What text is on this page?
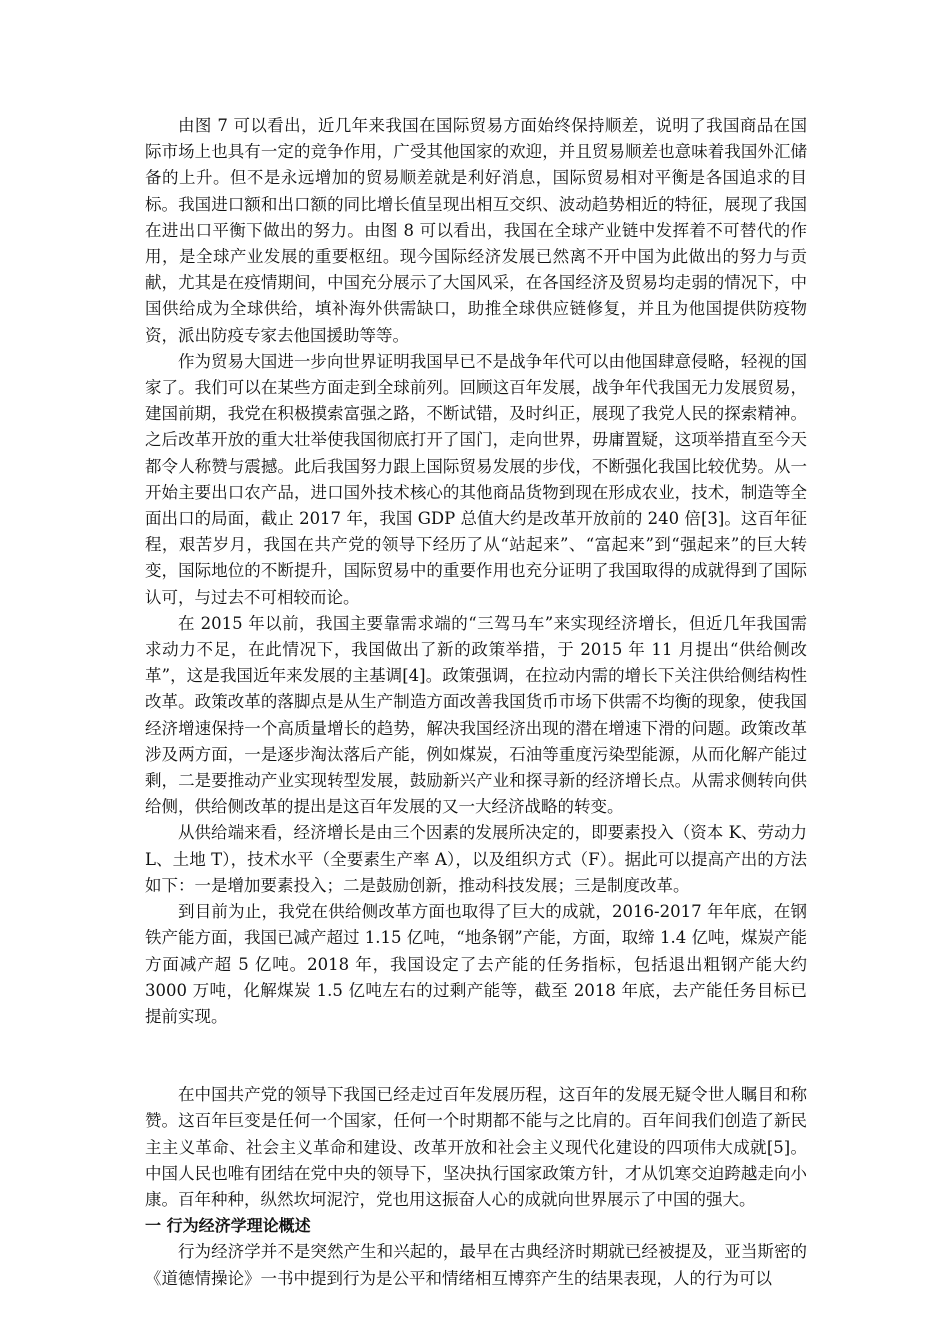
由图 7 可以看出，近几年来我国在国际贸易方面始终保持顺差，说明了我国商品在国际市场上也具有一定的竞争作用，广受其他国家的欢迎，并且贸易顺差也意味着我国外汇储备的上升。但不是永远增加的贸易顺差就是利好消息，国际贸易相对平衡是各国追求的目标。我国进口额和出口额的同比增长值呈现出相互交织、波动趋势相近的特征，展现了我国在进出口平衡下做出的努力。由图 8 可以看出，我国在全球产业链中发挥着不可替代的作用，是全球产业发展的重要枢纽。现今国际经济发展已然离不开中国为此做出的努力与贡献，尤其是在疫情期间，中国充分展示了大国风采，在各国经济及贸易均走弱的情况下，中国供给成为全球供给，填补海外供需缺口，助推全球供应链修复，并且为他国提供防疫物资，派出防疫专家去他国援助等等。

作为贸易大国进一步向世界证明我国早已不是战争年代可以由他国肆意侵略，轻视的国家了。我们可以在某些方面走到全球前列。回顾这百年发展，战争年代我国无力发展贸易，建国前期，我党在积极摸索富强之路，不断试错，及时纠正，展现了我党人民的探索精神。之后改革开放的重大壮举使我国彻底打开了国门，走向世界，毋庸置疑，这项举措直至今天都令人称赞与震撼。此后我国努力跟上国际贸易发展的步伐，不断强化我国比较优势。从一开始主要出口农产品，进口国外技术核心的其他商品货物到现在形成农业，技术，制造等全面出口的局面，截止 2017 年，我国 GDP 总值大约是改革开放前的 240 倍[3]。这百年征程，艰苦岁月，我国在共产党的领导下经历了从“站起来”、“富起来”到“强起来”的巨大转变，国际地位的不断提升，国际贸易中的重要作用也充分证明了我国取得的成就得到了国际认可，与过去不可相较而论。

在 2015 年以前，我国主要靠需求端的“三驾马车”来实现经济增长，但近几年我国需求动力不足，在此情况下，我国做出了新的政策举措，于 2015 年 11 月提出“供给侧改革”，这是我国近年来发展的主基调[4]。政策强调，在拉动内需的增长下关注供给侧结构性改革。政策改革的落脚点是从生产制造方面改善我国货币市场下供需不均衡的现象，使我国经济增速保持一个高质量增长的趋势，解决我国经济出现的潜在增速下滑的问题。政策改革涉及两方面，一是逐步淘汰落后产能，例如煤炭，石油等重度污染型能源，从而化解产能过剩，二是要推动产业实现转型发展，鼓励新兴产业和探寻新的经济增长点。从需求侧转向供给侧，供给侧改革的提出是这百年发展的又一大经济战略的转变。

从供给端来看，经济增长是由三个因素的发展所决定的，即要素投入（资本 K、劳动力 L、土地 T），技术水平（全要素生产率 A），以及组织方式（F）。据此可以提高产出的方法如下：一是增加要素投入；二是鼓励创新，推动科技发展；三是制度改革。

到目前为止，我党在供给侧改革方面也取得了巨大的成就，2016-2017 年年底，在钢铁产能方面，我国已减产超过 1.15 亿吨，“地条钢”产能，方面，取缔 1.4 亿吨，煤炭产能方面减产超 5 亿吨。2018 年，我国设定了去产能的任务指标，包括退出粗钢产能大约 3000 万吨，化解煤炭 1.5 亿吨左右的过剩产能等，截至 2018 年底，去产能任务目标已提前实现。

在中国共产党的领导下我国已经走过百年发展历程，这百年的发展无疑令世人瞩目和称赞。这百年巨变是任何一个国家，任何一个时期都不能与之比肩的。百年间我们创造了新民主主义革命、社会主义革命和建设、改革开放和社会主义现代化建设的四项伟大成就[5]。中国人民也唯有团结在党中央的领导下，坚决执行国家政策方针，才从饥寒交迫跨越走向小康。百年种种，纵然坎坷泥泞，党也用这振奋人心的成就向世界展示了中国的强大。

一 行为经济学理论概述

行为经济学并不是突然产生和兴起的，最早在古典经济时期就已经被提及，亚当斯密的《道德情操论》一书中提到行为是公平和情绪相互博弈产生的结果表现，人的行为可以
